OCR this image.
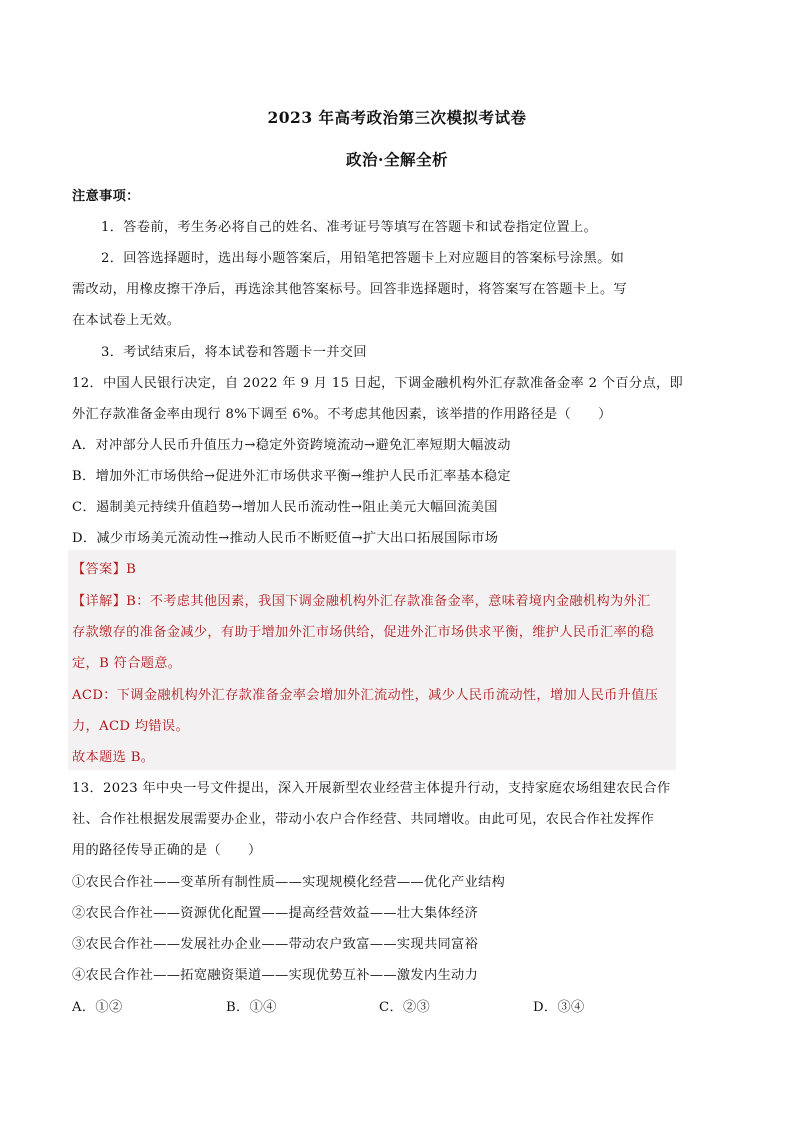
2023 年高考政治第三次模拟考试卷
政治·全解全析
注意事项：
1．答卷前，考生务必将自己的姓名、准考证号等填写在答题卡和试卷指定位置上。
2．回答选择题时，选出每小题答案后，用铅笔把答题卡上对应题目的答案标号涂黑。如
需改动，用橡皮擦干净后，再选涂其他答案标号。回答非选择题时，将答案写在答题卡上。写
在本试卷上无效。
3．考试结束后，将本试卷和答题卡一并交回
12．中国人民银行决定，自 2022 年 9 月 15 日起，下调金融机构外汇存款准备金率 2 个百分点，即
外汇存款准备金率由现行 8%下调至 6%。不考虑其他因素，该举措的作用路径是（　　）
A．对冲部分人民币升值压力→稳定外资跨境流动→避免汇率短期大幅波动
B．增加外汇市场供给→促进外汇市场供求平衡→维护人民币汇率基本稳定
C．遏制美元持续升值趋势→增加人民币流动性→阻止美元大幅回流美国
D．减少市场美元流动性→推动人民币不断贬值→扩大出口拓展国际市场
【答案】B
【详解】B：不考虑其他因素，我国下调金融机构外汇存款准备金率，意味着境内金融机构为外汇
存款缴存的准备金减少，有助于增加外汇市场供给，促进外汇市场供求平衡，维护人民币汇率的稳
定，B 符合题意。
ACD：下调金融机构外汇存款准备金率会增加外汇流动性，减少人民币流动性，增加人民币升值压
力，ACD 均错误。
故本题选 B。
13．2023 年中央一号文件提出，深入开展新型农业经营主体提升行动，支持家庭农场组建农民合作
社、合作社根据发展需要办企业，带动小农户合作经营、共同增收。由此可见，农民合作社发挥作
用的路径传导正确的是（　　）
①农民合作社——变革所有制性质——实现规模化经营——优化产业结构
②农民合作社——资源优化配置——提高经营效益——壮大集体经济
③农民合作社——发展社办企业——带动农户致富——实现共同富裕
④农民合作社——拓宽融资渠道——实现优势互补——激发内生动力
A．①②	B．①④	C．②③	D．③④
